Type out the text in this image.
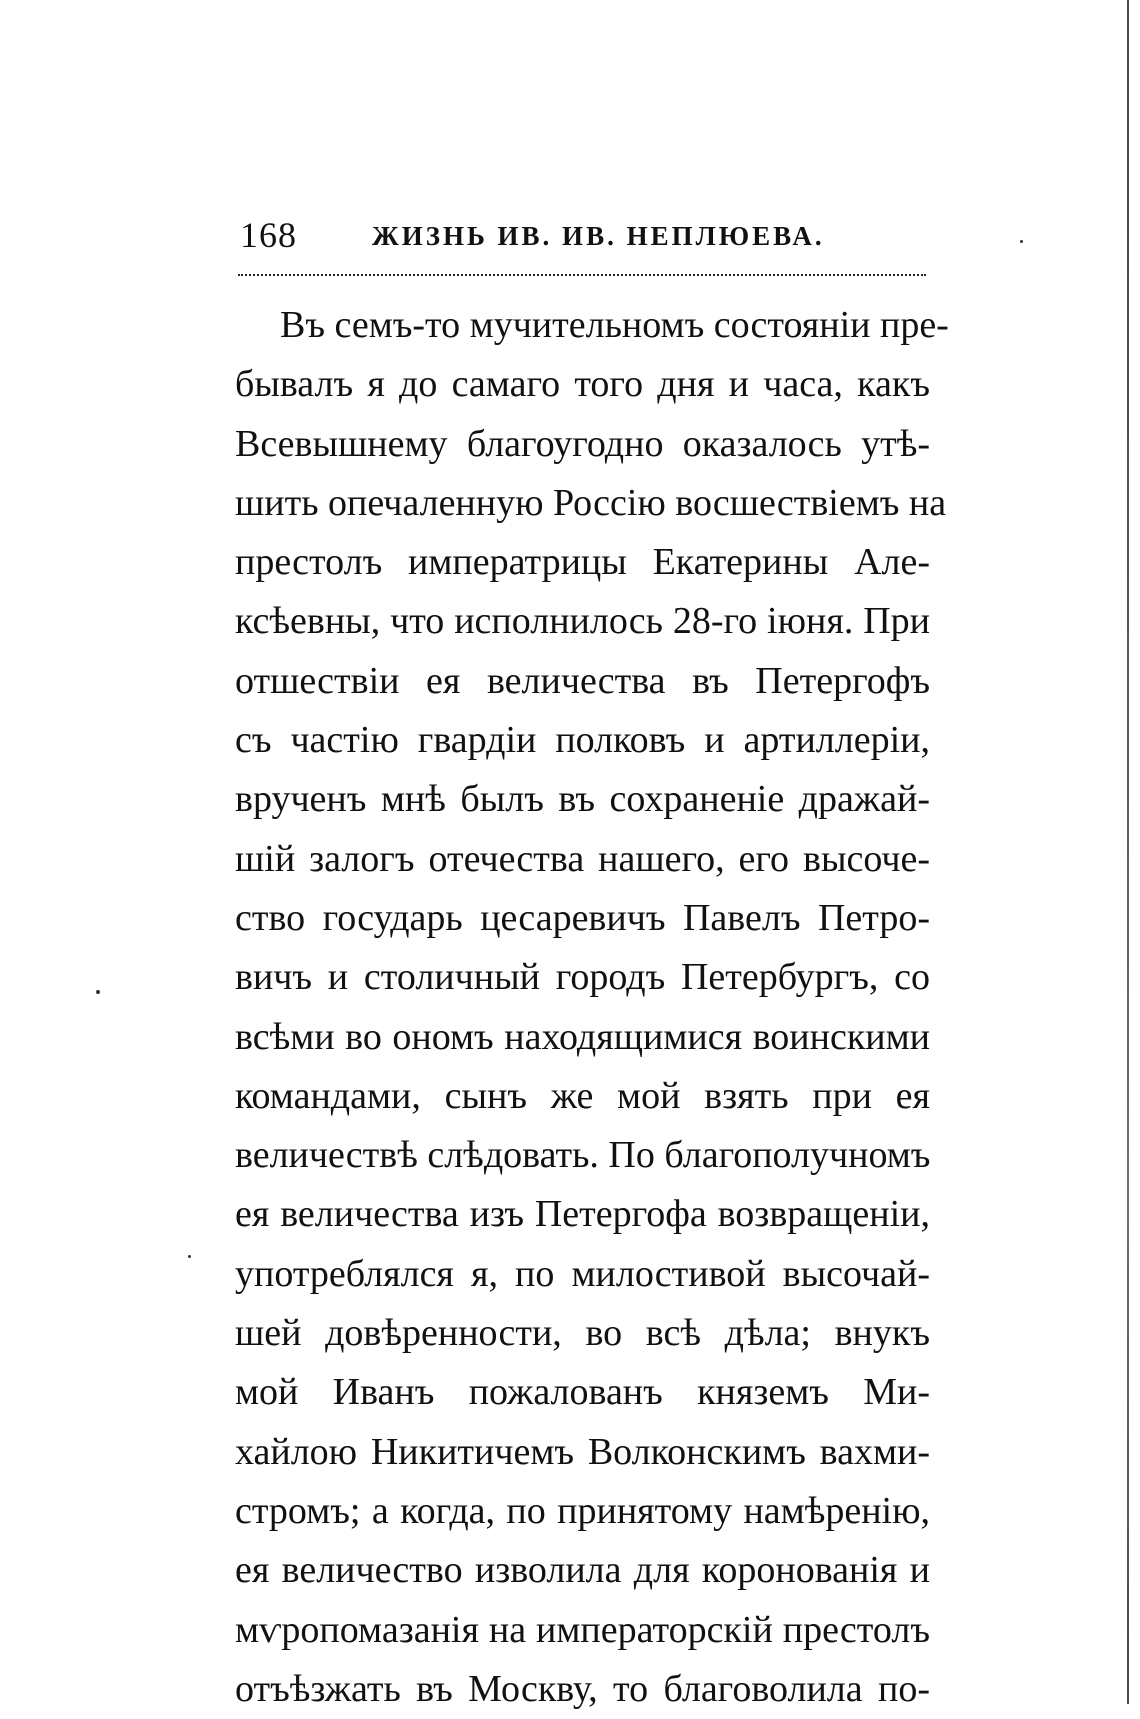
168	ЖИЗНЬ ИВ. ИВ. НЕПЛЮЕВА.
Въ семъ-то мучительномъ состояніи пре-
бывалъ я до самаго того дня и часа, какъ
Всевышнему благоугодно оказалось утѣ-
шить опечаленную Россію восшествіемъ на
престолъ императрицы Екатерины Але-
ксѣевны, что исполнилось 28-го іюня. При
отшествіи ея величества въ Петергофъ
съ частію гвардіи полковъ и артиллеріи,
врученъ мнѣ былъ въ сохраненіе дражай-
шій залогъ отечества нашего, его высоче-
ство государь цесаревичъ Павелъ Петро-
вичъ и столичный городъ Петербургъ, со
всѣми во ономъ находящимися воинскими
командами, сынъ же мой взять при ея
величествѣ слѣдовать. По благополучномъ
ея величества изъ Петергофа возвращеніи,
употреблялся я, по милостивой высочай-
шей довѣренности, во всѣ дѣла; внукъ
мой Иванъ пожалованъ княземъ Ми-
хайлою Никитичемъ Волконскимъ вахми-
стромъ; а когда, по принятому намѣренію,
ея величество изволила для коронованія и
мѵропомазанія на императорскій престолъ
отъѣзжать въ Москву, то благоволила по-
